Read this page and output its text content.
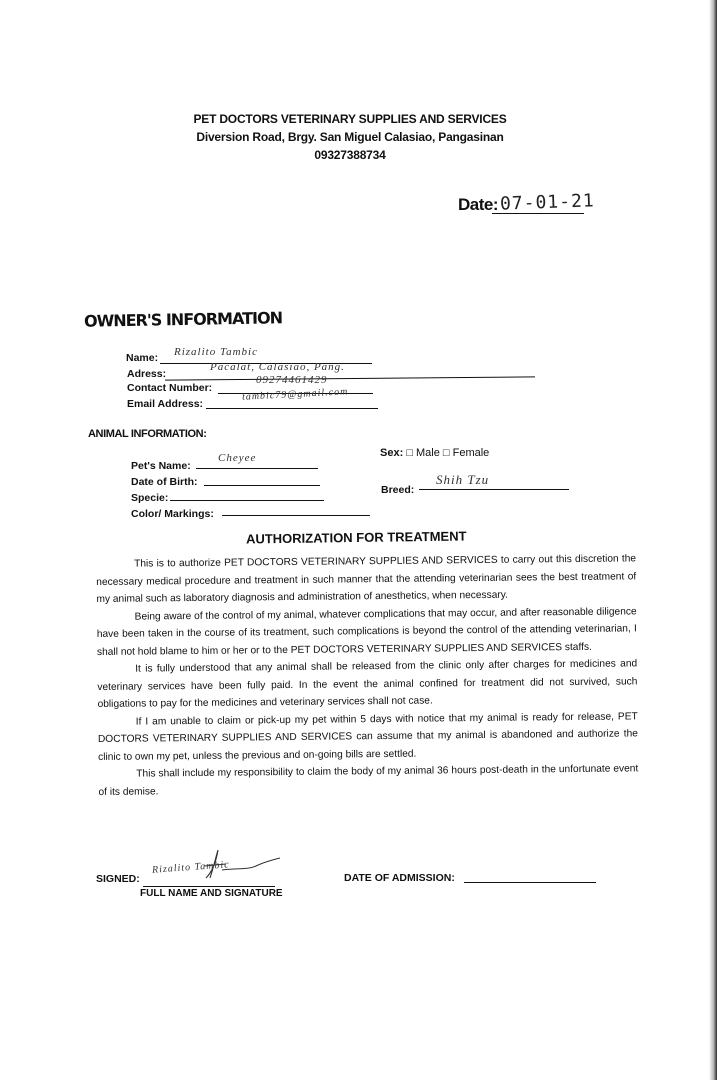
PET DOCTORS VETERINARY SUPPLIES AND SERVICES
Diversion Road, Brgy. San Miguel Calasiao, Pangasinan
09327388734
Date: 07-01-21
OWNER'S INFORMATION
Name: Rizalito Tambic
Adress:
Pacalat, Calasiao, Pang.
Contact Number:
09274461429
Email Address:
tambic79@gmail.com
ANIMAL INFORMATION:
Pet's Name:
Cheyee
Date of Birth:
Specie:
Color/ Markings:
Sex: □ Male □ Female
Breed:
Shih Tzu
AUTHORIZATION FOR TREATMENT

This is to authorize PET DOCTORS VETERINARY SUPPLIES AND SERVICES to carry out this discretion the necessary medical procedure and treatment in such manner that the attending veterinarian sees the best treatment of my animal such as laboratory diagnosis and administration of anesthetics, when necessary.

Being aware of the control of my animal, whatever complications that may occur, and after reasonable diligence have been taken in the course of its treatment, such complications is beyond the control of the attending veterinarian, I shall not hold blame to him or her or to the PET DOCTORS VETERINARY SUPPLIES AND SERVICES staffs.

It is fully understood that any animal shall be released from the clinic only after charges for medicines and veterinary services have been fully paid. In the event the animal confined for treatment did not survived, such obligations to pay for the medicines and veterinary services shall not case.

If I am unable to claim or pick-up my pet within 5 days with notice that my animal is ready for release, PET DOCTORS VETERINARY SUPPLIES AND SERVICES can assume that my animal is abandoned and authorize the clinic to own my pet, unless the previous and on-going bills are settled.

This shall include my responsibility to claim the body of my animal 36 hours post-death in the unfortunate event of its demise.

SIGNED:
Rizalito Tambic
FULL NAME AND SIGNATURE
DATE OF ADMISSION:
